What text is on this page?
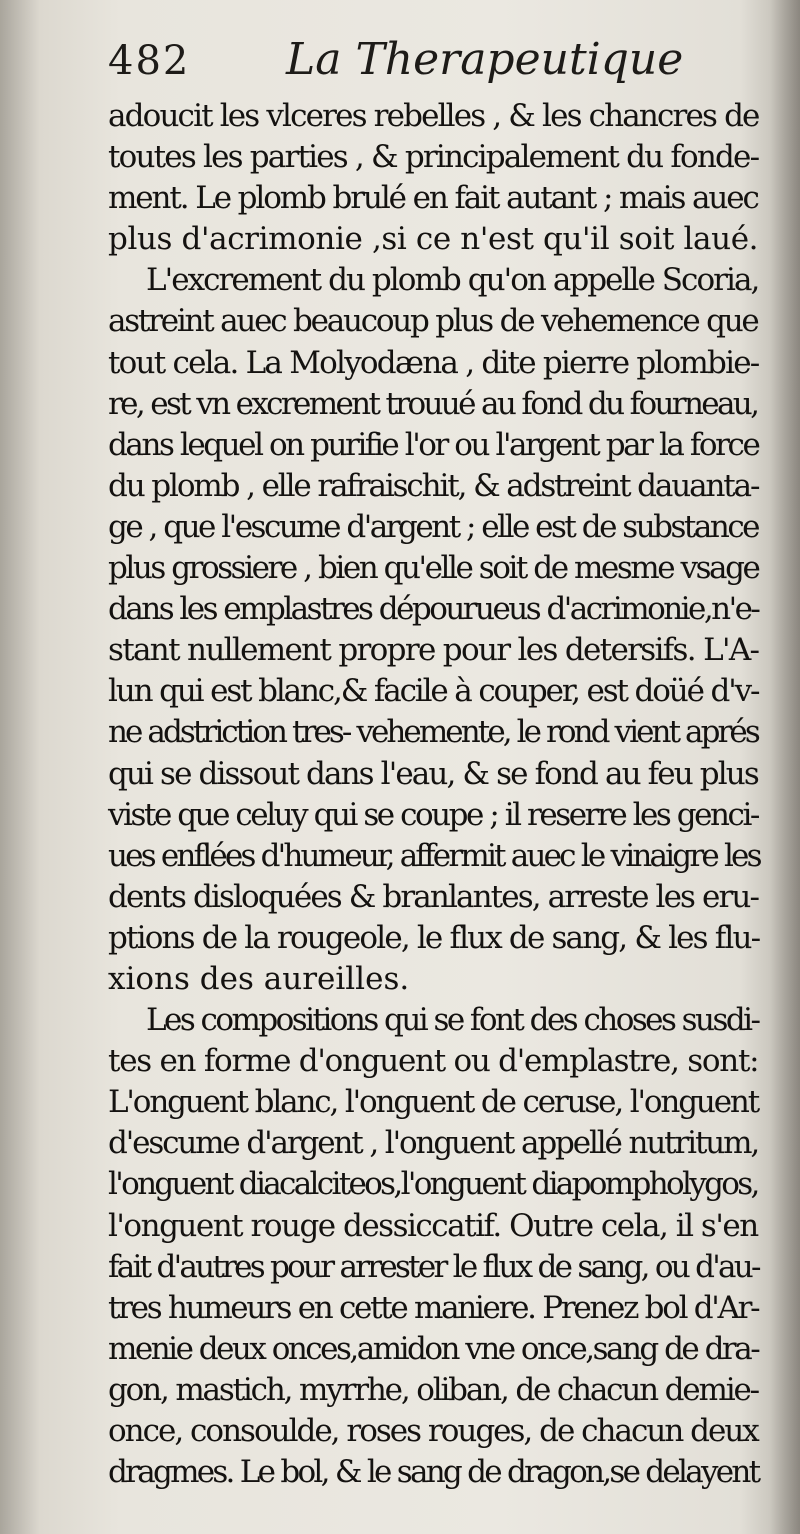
482 La Therapeutique
adoucit les vlceres rebelles , & les chancres de
toutes les parties , & principalement du fonde-
ment. Le plomb brulé en fait autant ; mais auec
plus d'acrimonie ,si ce n'est qu'il soit laué.
L'excrement du plomb qu'on appelle Scoria,
astreint auec beaucoup plus de vehemence que
tout cela. La Molyodæna , dite pierre plombie-
re, est vn excrement trouué au fond du fourneau,
dans lequel on purifie l'or ou l'argent par la force
du plomb , elle rafraischit, & adstreint dauanta-
ge , que l'escume d'argent ; elle est de substance
plus grossiere , bien qu'elle soit de mesme vsage
dans les emplastres dépourueus d'acrimonie,n'e-
stant nullement propre pour les detersifs. L'A-
lun qui est blanc,& facile à couper, est doüé d'v-
ne adstriction tres- vehemente, le rond vient aprés
qui se dissout dans l'eau, & se fond au feu plus
viste que celuy qui se coupe ; il reserre les genci-
ues enflées d'humeur, affermit auec le vinaigre les
dents disloquées & branlantes, arreste les eru-
ptions de la rougeole, le flux de sang, & les flu-
xions des aureilles.
Les compositions qui se font des choses susdi-
tes en forme d'onguent ou d'emplastre, sont:
L'onguent blanc, l'onguent de ceruse, l'onguent
d'escume d'argent , l'onguent appellé nutritum,
l'onguent diacalciteos,l'onguent diapompholygos,
l'onguent rouge dessiccatif. Outre cela, il s'en
fait d'autres pour arrester le flux de sang, ou d'au-
tres humeurs en cette maniere. Prenez bol d'Ar-
menie deux onces,amidon vne once,sang de dra-
gon, mastich, myrrhe, oliban, de chacun demie-
once, consoulde, roses rouges, de chacun deux
dragmes. Le bol, & le sang de dragon,se delayent
